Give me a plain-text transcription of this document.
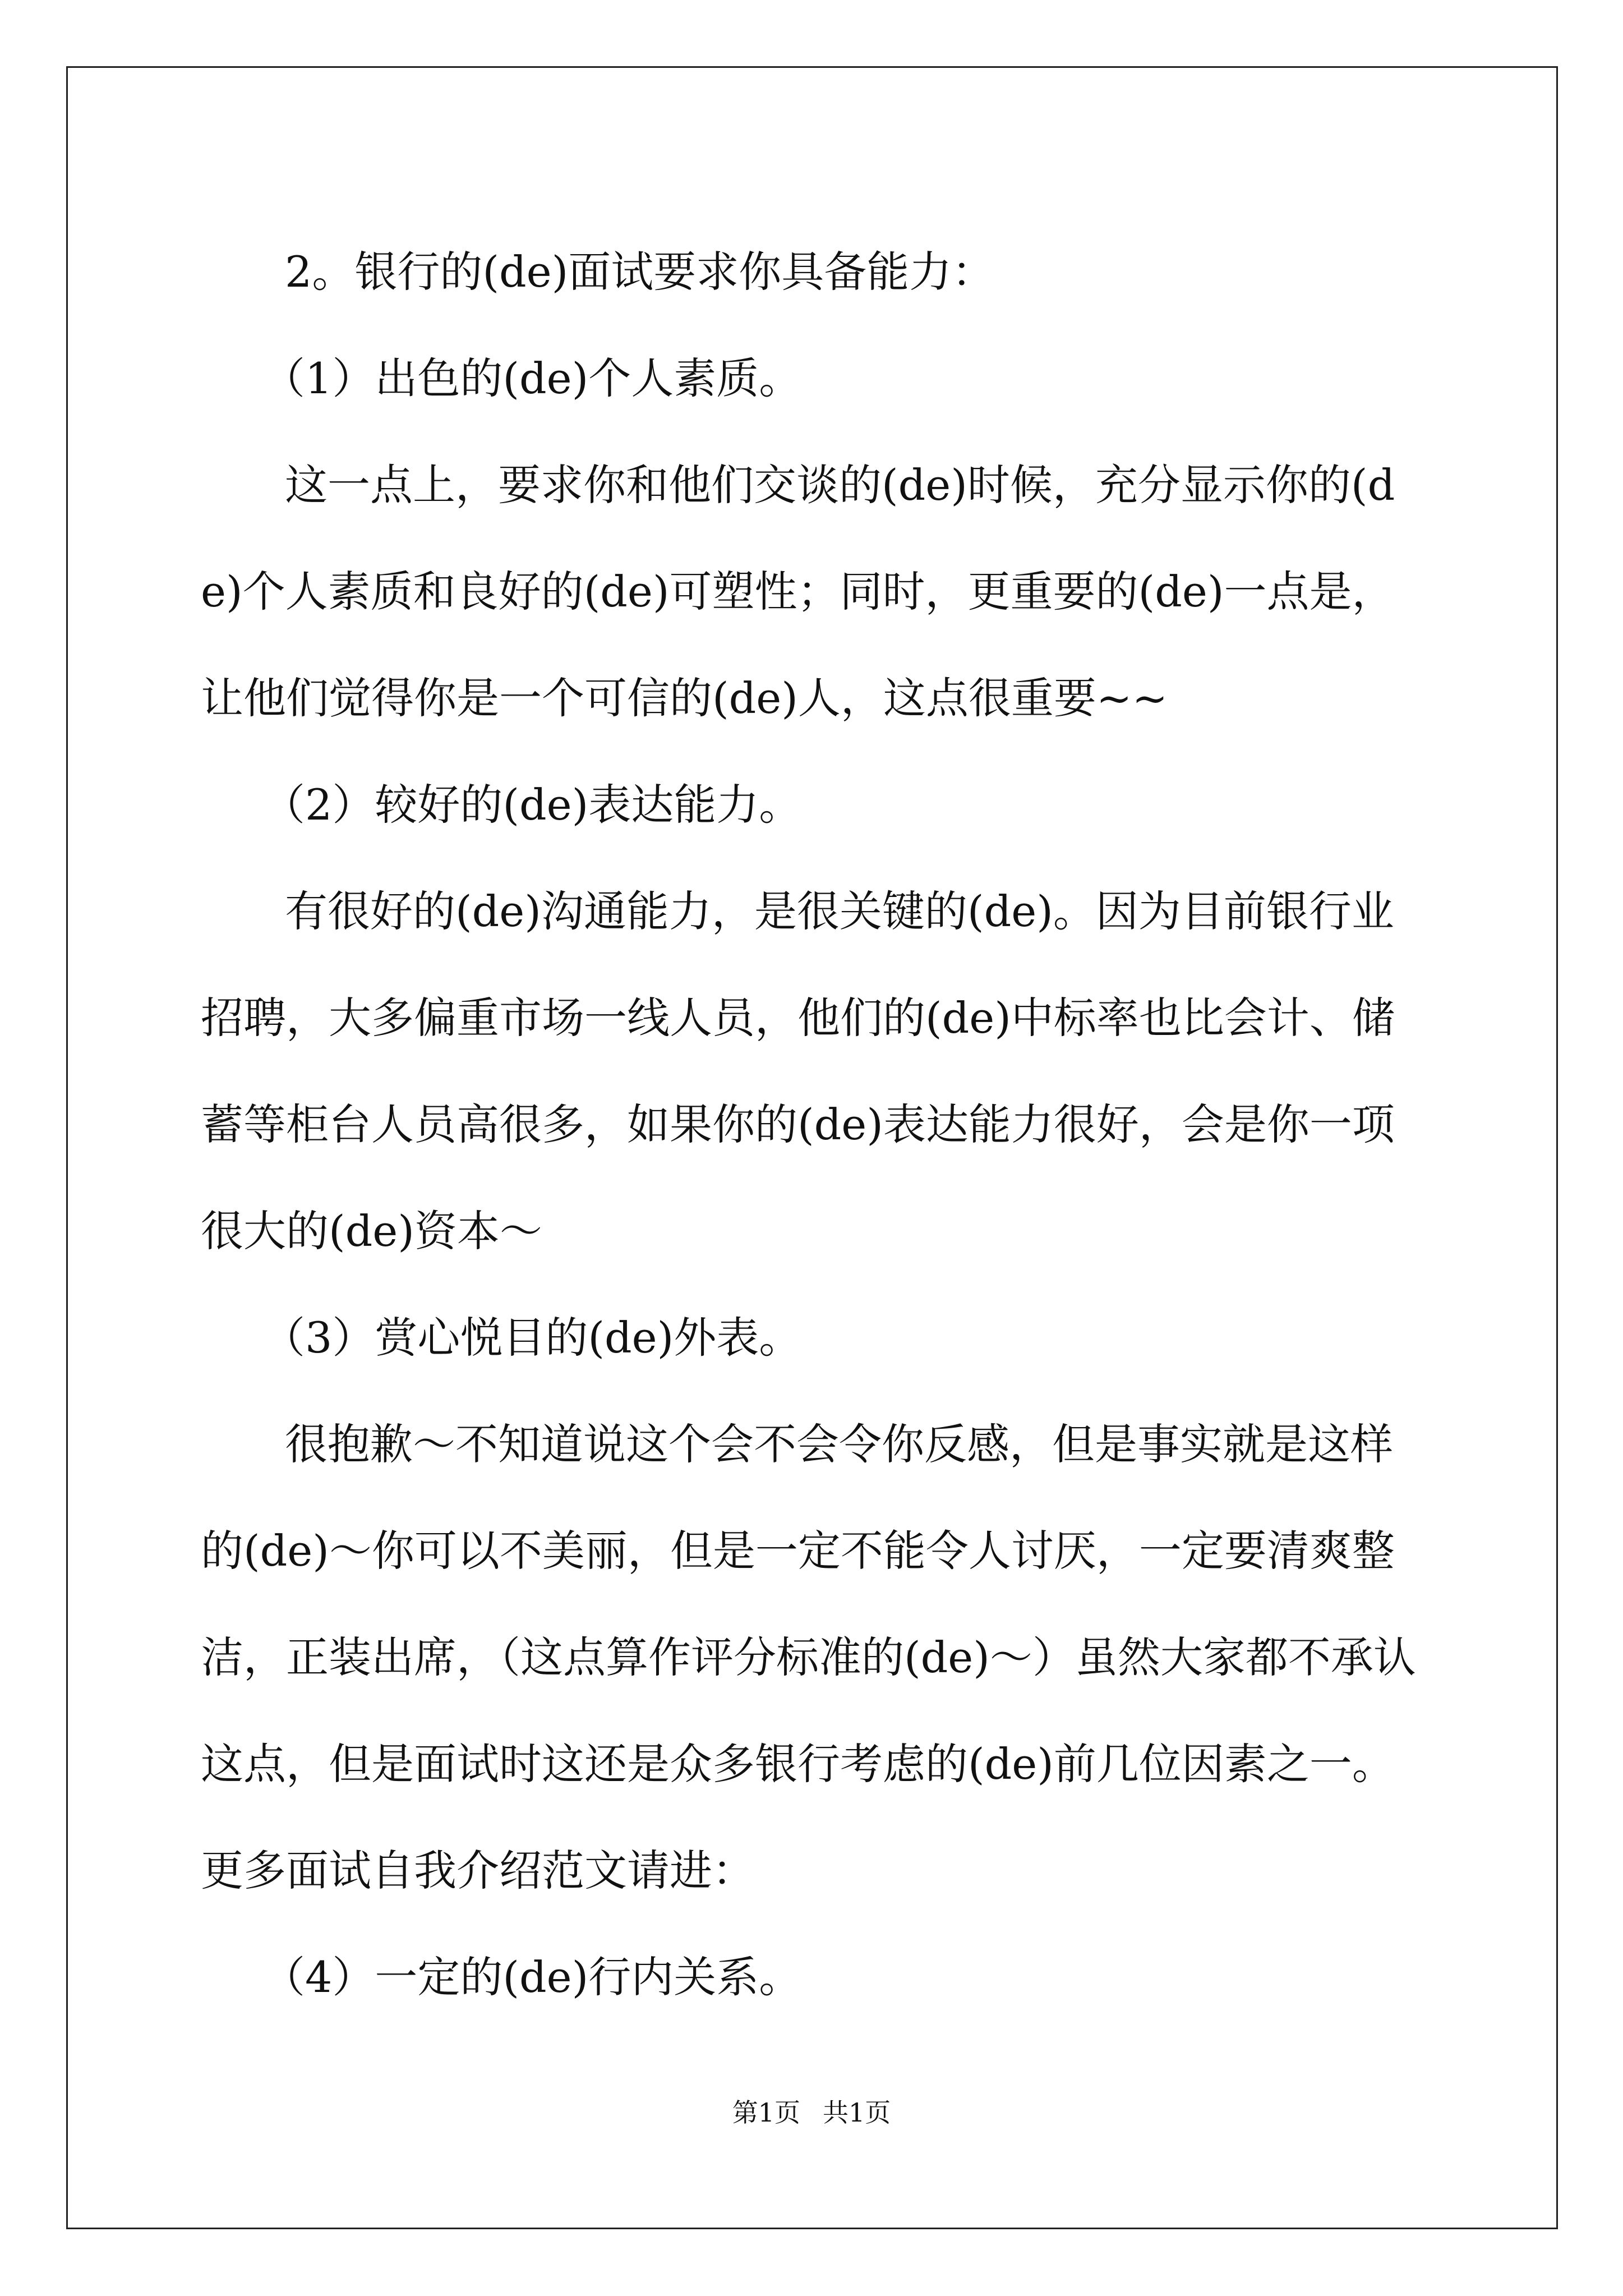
2。银行的(de)面试要求你具备能力：

（1）出色的(de)个人素质。

这一点上，要求你和他们交谈的(de)时候，充分显示你的(de)个人素质和良好的(de)可塑性；同时，更重要的(de)一点是，让他们觉得你是一个可信的(de)人，这点很重要~~

（2）较好的(de)表达能力。

有很好的(de)沟通能力，是很关键的(de)。因为目前银行业招聘，大多偏重市场一线人员，他们的(de)中标率也比会计、储蓄等柜台人员高很多，如果你的(de)表达能力很好，会是你一项很大的(de)资本～

（3）赏心悦目的(de)外表。

很抱歉～不知道说这个会不会令你反感，但是事实就是这样的(de)～你可以不美丽，但是一定不能令人讨厌，一定要清爽整洁，正装出席，（这点算作评分标准的(de)～）虽然大家都不承认这点，但是面试时这还是众多银行考虑的(de)前几位因素之一。更多面试自我介绍范文请进：

（4）一定的(de)行内关系。

第1页 共1页
